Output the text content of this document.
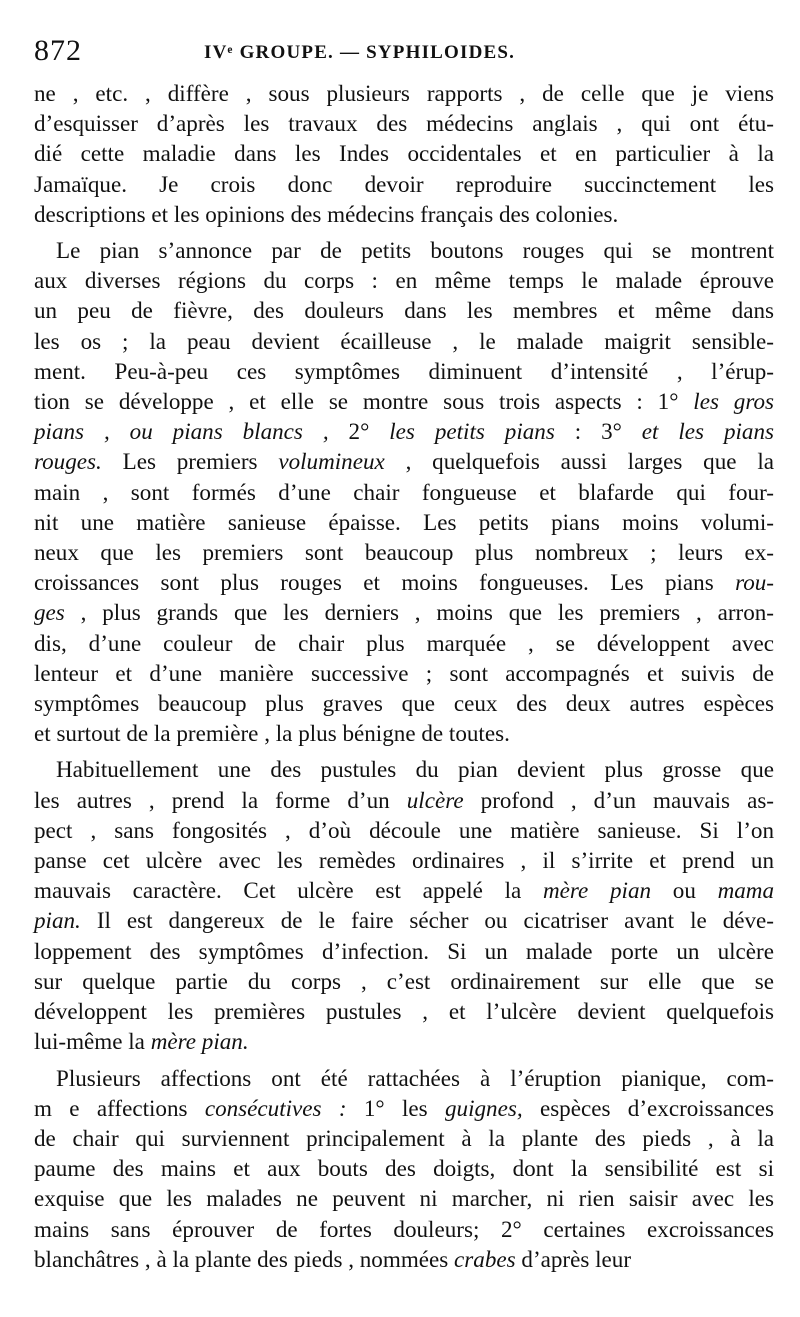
872	IVᵉ GROUPE. — SYPHILOIDES.
ne , etc. , diffère , sous plusieurs rapports , de celle que je viens
d’esquisser d’après les travaux des médecins anglais , qui ont étu-
dié cette maladie dans les Indes occidentales et en particulier à la
Jamaïque. Je crois donc devoir reproduire succinctement les
descriptions et les opinions des médecins français des colonies.
Le pian s’annonce par de petits boutons rouges qui se montrent
aux diverses régions du corps : en même temps le malade éprouve
un peu de fièvre, des douleurs dans les membres et même dans
les os ; la peau devient écailleuse , le malade maigrit sensible-
ment. Peu-à-peu ces symptômes diminuent d’intensité , l’érup-
tion se développe , et elle se montre sous trois aspects : 1° les gros
pians , ou pians blancs , 2° les petits pians : 3° et les pians
rouges. Les premiers volumineux , quelquefois aussi larges que la
main , sont formés d’une chair fongueuse et blafarde qui four-
nit une matière sanieuse épaisse. Les petits pians moins volumi-
neux que les premiers sont beaucoup plus nombreux ; leurs ex-
croissances sont plus rouges et moins fongueuses. Les pians rou-
ges , plus grands que les derniers , moins que les premiers , arron-
dis, d’une couleur de chair plus marquée , se développent avec
lenteur et d’une manière successive ; sont accompagnés et suivis de
symptômes beaucoup plus graves que ceux des deux autres espèces
et surtout de la première , la plus bénigne de toutes.
Habituellement une des pustules du pian devient plus grosse que
les autres , prend la forme d’un ulcère profond , d’un mauvais as-
pect , sans fongosités , d’où découle une matière sanieuse. Si l’on
panse cet ulcère avec les remèdes ordinaires , il s’irrite et prend un
mauvais caractère. Cet ulcère est appelé la mère pian ou mama
pian. Il est dangereux de le faire sécher ou cicatriser avant le déve-
loppement des symptômes d’infection. Si un malade porte un ulcère
sur quelque partie du corps , c’est ordinairement sur elle que se
développent les premières pustules , et l’ulcère devient quelquefois
lui-même la mère pian.
Plusieurs affections ont été rattachées à l’éruption pianique, com-
m e affections consécutives : 1° les guignes, espèces d’excroissances
de chair qui surviennent principalement à la plante des pieds , à la
paume des mains et aux bouts des doigts, dont la sensibilité est si
exquise que les malades ne peuvent ni marcher, ni rien saisir avec les
mains sans éprouver de fortes douleurs; 2° certaines excroissances
blanchâtres , à la plante des pieds , nommées crabes d’après leur
